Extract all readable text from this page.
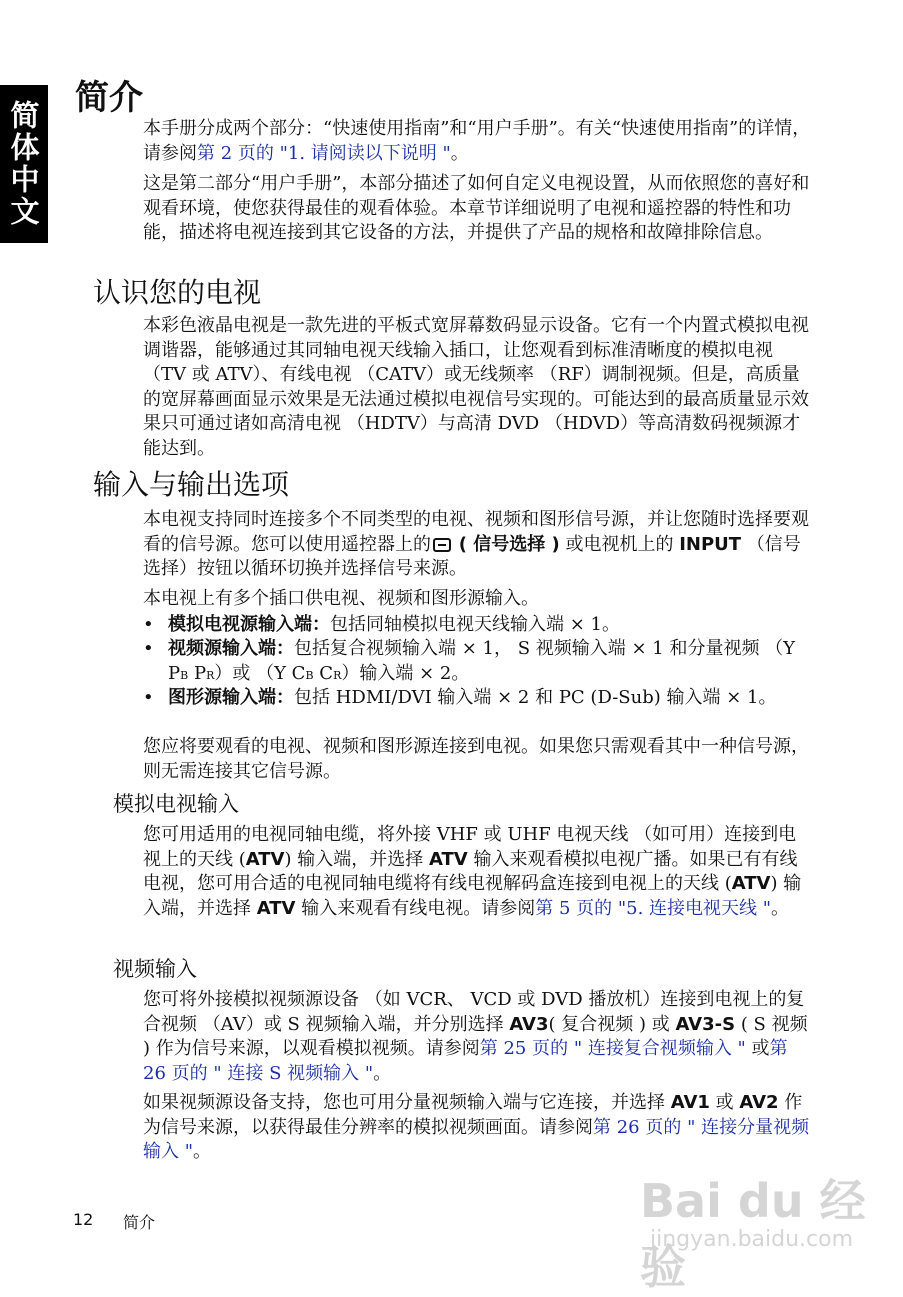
简体中文
简介
本手册分成两个部分：“快速使用指南”和“用户手册”。有关“快速使用指南”的详情，请参阅第 2 页的 "1. 请阅读以下说明 "。
这是第二部分“用户手册”，本部分描述了如何自定义电视设置，从而依照您的喜好和观看环境，使您获得最佳的观看体验。本章节详细说明了电视和遥控器的特性和功能，描述将电视连接到其它设备的方法，并提供了产品的规格和故障排除信息。
认识您的电视
本彩色液晶电视是一款先进的平板式宽屏幕数码显示设备。它有一个内置式模拟电视调谐器，能够通过其同轴电视天线输入插口，让您观看到标准清晰度的模拟电视 （TV 或 ATV）、有线电视 （CATV）或无线频率 （RF）调制视频。但是，高质量的宽屏幕画面显示效果是无法通过模拟电视信号实现的。可能达到的最高质量显示效果只可通过诸如高清电视 （HDTV）与高清 DVD （HDVD）等高清数码视频源才能达到。
输入与输出选项
本电视支持同时连接多个不同类型的电视、视频和图形信号源，并让您随时选择要观看的信号源。您可以使用遥控器上的 ( 信号选择 ) 或电视机上的 INPUT （信号选择）按钮以循环切换并选择信号来源。
本电视上有多个插口供电视、视频和图形源输入。
• 模拟电视源输入端：包括同轴模拟电视天线输入端 × 1。
• 视频源输入端：包括复合视频输入端 × 1， S 视频输入端 × 1 和分量视频 （Y PB PR）或 （Y CB CR）输入端 × 2。
• 图形源输入端：包括 HDMI/DVI 输入端 × 2 和 PC (D-Sub) 输入端 × 1。
您应将要观看的电视、视频和图形源连接到电视。如果您只需观看其中一种信号源，则无需连接其它信号源。
模拟电视输入
您可用适用的电视同轴电缆，将外接 VHF 或 UHF 电视天线 （如可用）连接到电视上的天线 (ATV) 输入端，并选择 ATV 输入来观看模拟电视广播。如果已有有线电视，您可用合适的电视同轴电缆将有线电视解码盒连接到电视上的天线 (ATV) 输入端，并选择 ATV 输入来观看有线电视。请参阅第 5 页的 "5. 连接电视天线 "。
视频输入
您可将外接模拟视频源设备 （如 VCR、 VCD 或 DVD 播放机）连接到电视上的复合视频 （AV）或 S 视频输入端，并分别选择 AV3( 复合视频 ) 或 AV3-S ( S 视频 ) 作为信号来源，以观看模拟视频。请参阅第 25 页的 " 连接复合视频输入 " 或第 26 页的 " 连接 S 视频输入 "。
如果视频源设备支持，您也可用分量视频输入端与它连接，并选择 AV1 或 AV2 作为信号来源，以获得最佳分辨率的模拟视频画面。请参阅第 26 页的 " 连接分量视频输入 "。
12 简介	Bai du 经验
jingyan.baidu.com
